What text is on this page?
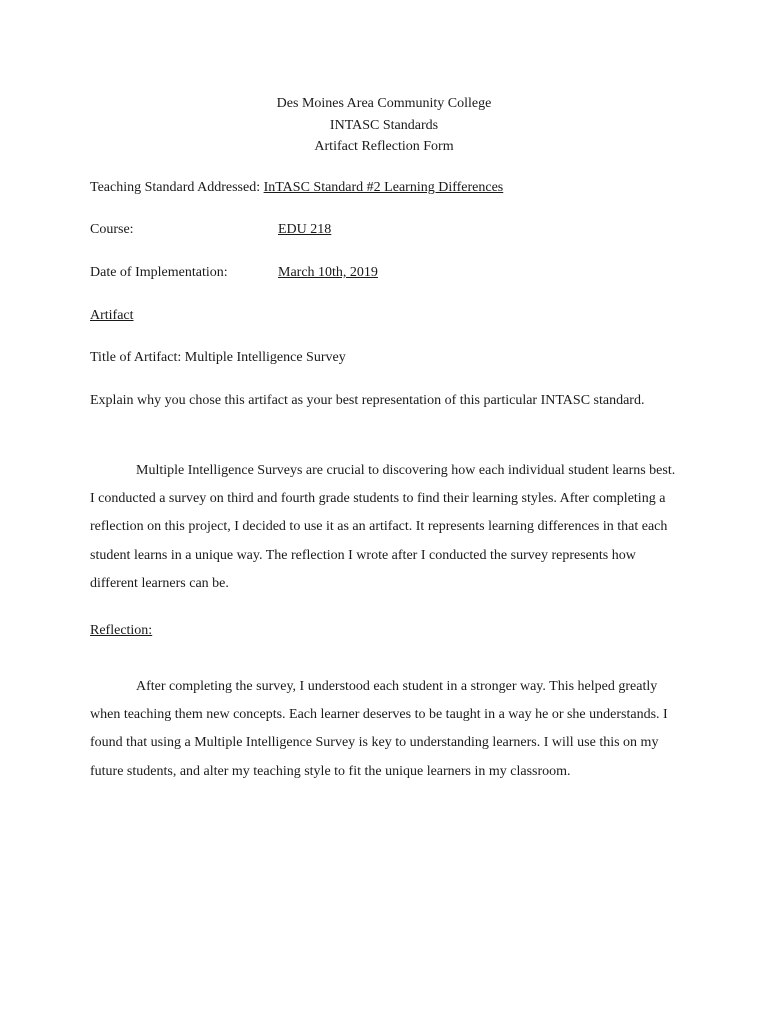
Des Moines Area Community College
INTASC Standards
Artifact Reflection Form
Teaching Standard Addressed: InTASC Standard #2 Learning Differences
Course:	EDU 218
Date of Implementation:	March 10th, 2019
Artifact
Title of Artifact: Multiple Intelligence Survey
Explain why you chose this artifact as your best representation of this particular INTASC standard.
Multiple Intelligence Surveys are crucial to discovering how each individual student learns best. I conducted a survey on third and fourth grade students to find their learning styles. After completing a reflection on this project, I decided to use it as an artifact. It represents learning differences in that each student learns in a unique way. The reflection I wrote after I conducted the survey represents how different learners can be.
Reflection:
After completing the survey, I understood each student in a stronger way. This helped greatly when teaching them new concepts. Each learner deserves to be taught in a way he or she understands. I found that using a Multiple Intelligence Survey is key to understanding learners. I will use this on my future students, and alter my teaching style to fit the unique learners in my classroom.
